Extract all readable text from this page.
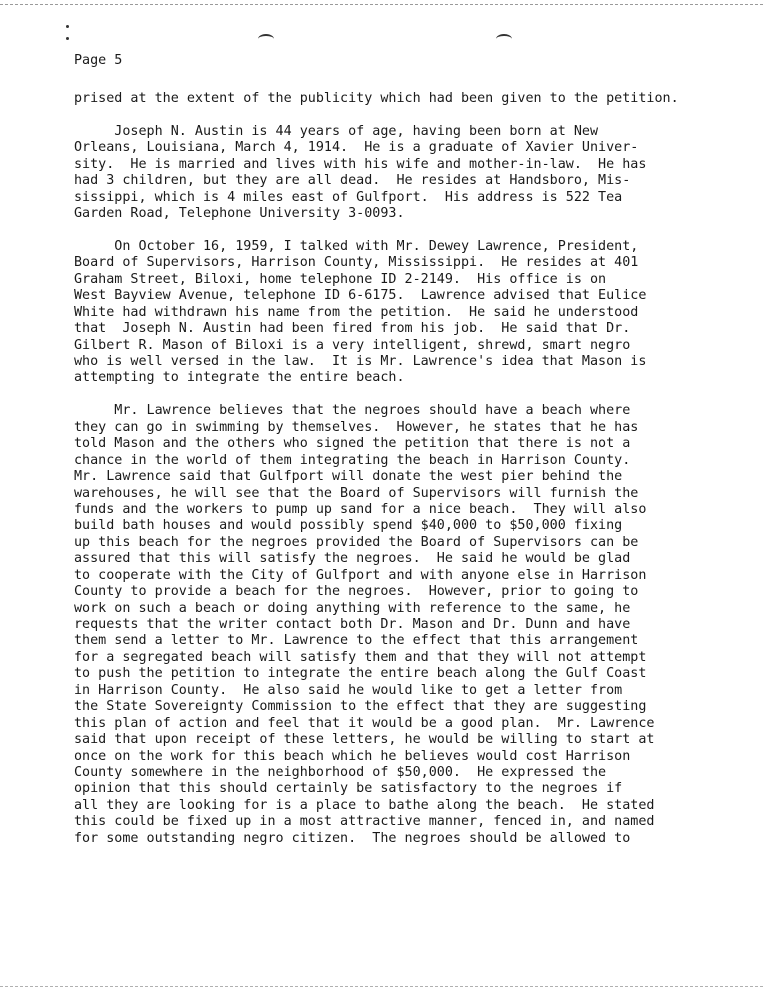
Page 5
prised at the extent of the publicity which had been given to the petition.
Joseph N. Austin is 44 years of age, having been born at New
Orleans, Louisiana, March 4, 1914.  He is a graduate of Xavier Univer-
sity.  He is married and lives with his wife and mother-in-law.  He has
had 3 children, but they are all dead.  He resides at Handsboro, Mis-
sissippi, which is 4 miles east of Gulfport.  His address is 522 Tea
Garden Road, Telephone University 3-0093.
On October 16, 1959, I talked with Mr. Dewey Lawrence, President,
Board of Supervisors, Harrison County, Mississippi.  He resides at 401
Graham Street, Biloxi, home telephone ID 2-2149.  His office is on
West Bayview Avenue, telephone ID 6-6175.  Lawrence advised that Eulice
White had withdrawn his name from the petition.  He said he understood
that  Joseph N. Austin had been fired from his job.  He said that Dr.
Gilbert R. Mason of Biloxi is a very intelligent, shrewd, smart negro
who is well versed in the law.  It is Mr. Lawrence's idea that Mason is
attempting to integrate the entire beach.
Mr. Lawrence believes that the negroes should have a beach where
they can go in swimming by themselves.  However, he states that he has
told Mason and the others who signed the petition that there is not a
chance in the world of them integrating the beach in Harrison County.
Mr. Lawrence said that Gulfport will donate the west pier behind the
warehouses, he will see that the Board of Supervisors will furnish the
funds and the workers to pump up sand for a nice beach.  They will also
build bath houses and would possibly spend $40,000 to $50,000 fixing
up this beach for the negroes provided the Board of Supervisors can be
assured that this will satisfy the negroes.  He said he would be glad
to cooperate with the City of Gulfport and with anyone else in Harrison
County to provide a beach for the negroes.  However, prior to going to
work on such a beach or doing anything with reference to the same, he
requests that the writer contact both Dr. Mason and Dr. Dunn and have
them send a letter to Mr. Lawrence to the effect that this arrangement
for a segregated beach will satisfy them and that they will not attempt
to push the petition to integrate the entire beach along the Gulf Coast
in Harrison County.  He also said he would like to get a letter from
the State Sovereignty Commission to the effect that they are suggesting
this plan of action and feel that it would be a good plan.  Mr. Lawrence
said that upon receipt of these letters, he would be willing to start at
once on the work for this beach which he believes would cost Harrison
County somewhere in the neighborhood of $50,000.  He expressed the
opinion that this should certainly be satisfactory to the negroes if
all they are looking for is a place to bathe along the beach.  He stated
this could be fixed up in a most attractive manner, fenced in, and named
for some outstanding negro citizen.  The negroes should be allowed to
